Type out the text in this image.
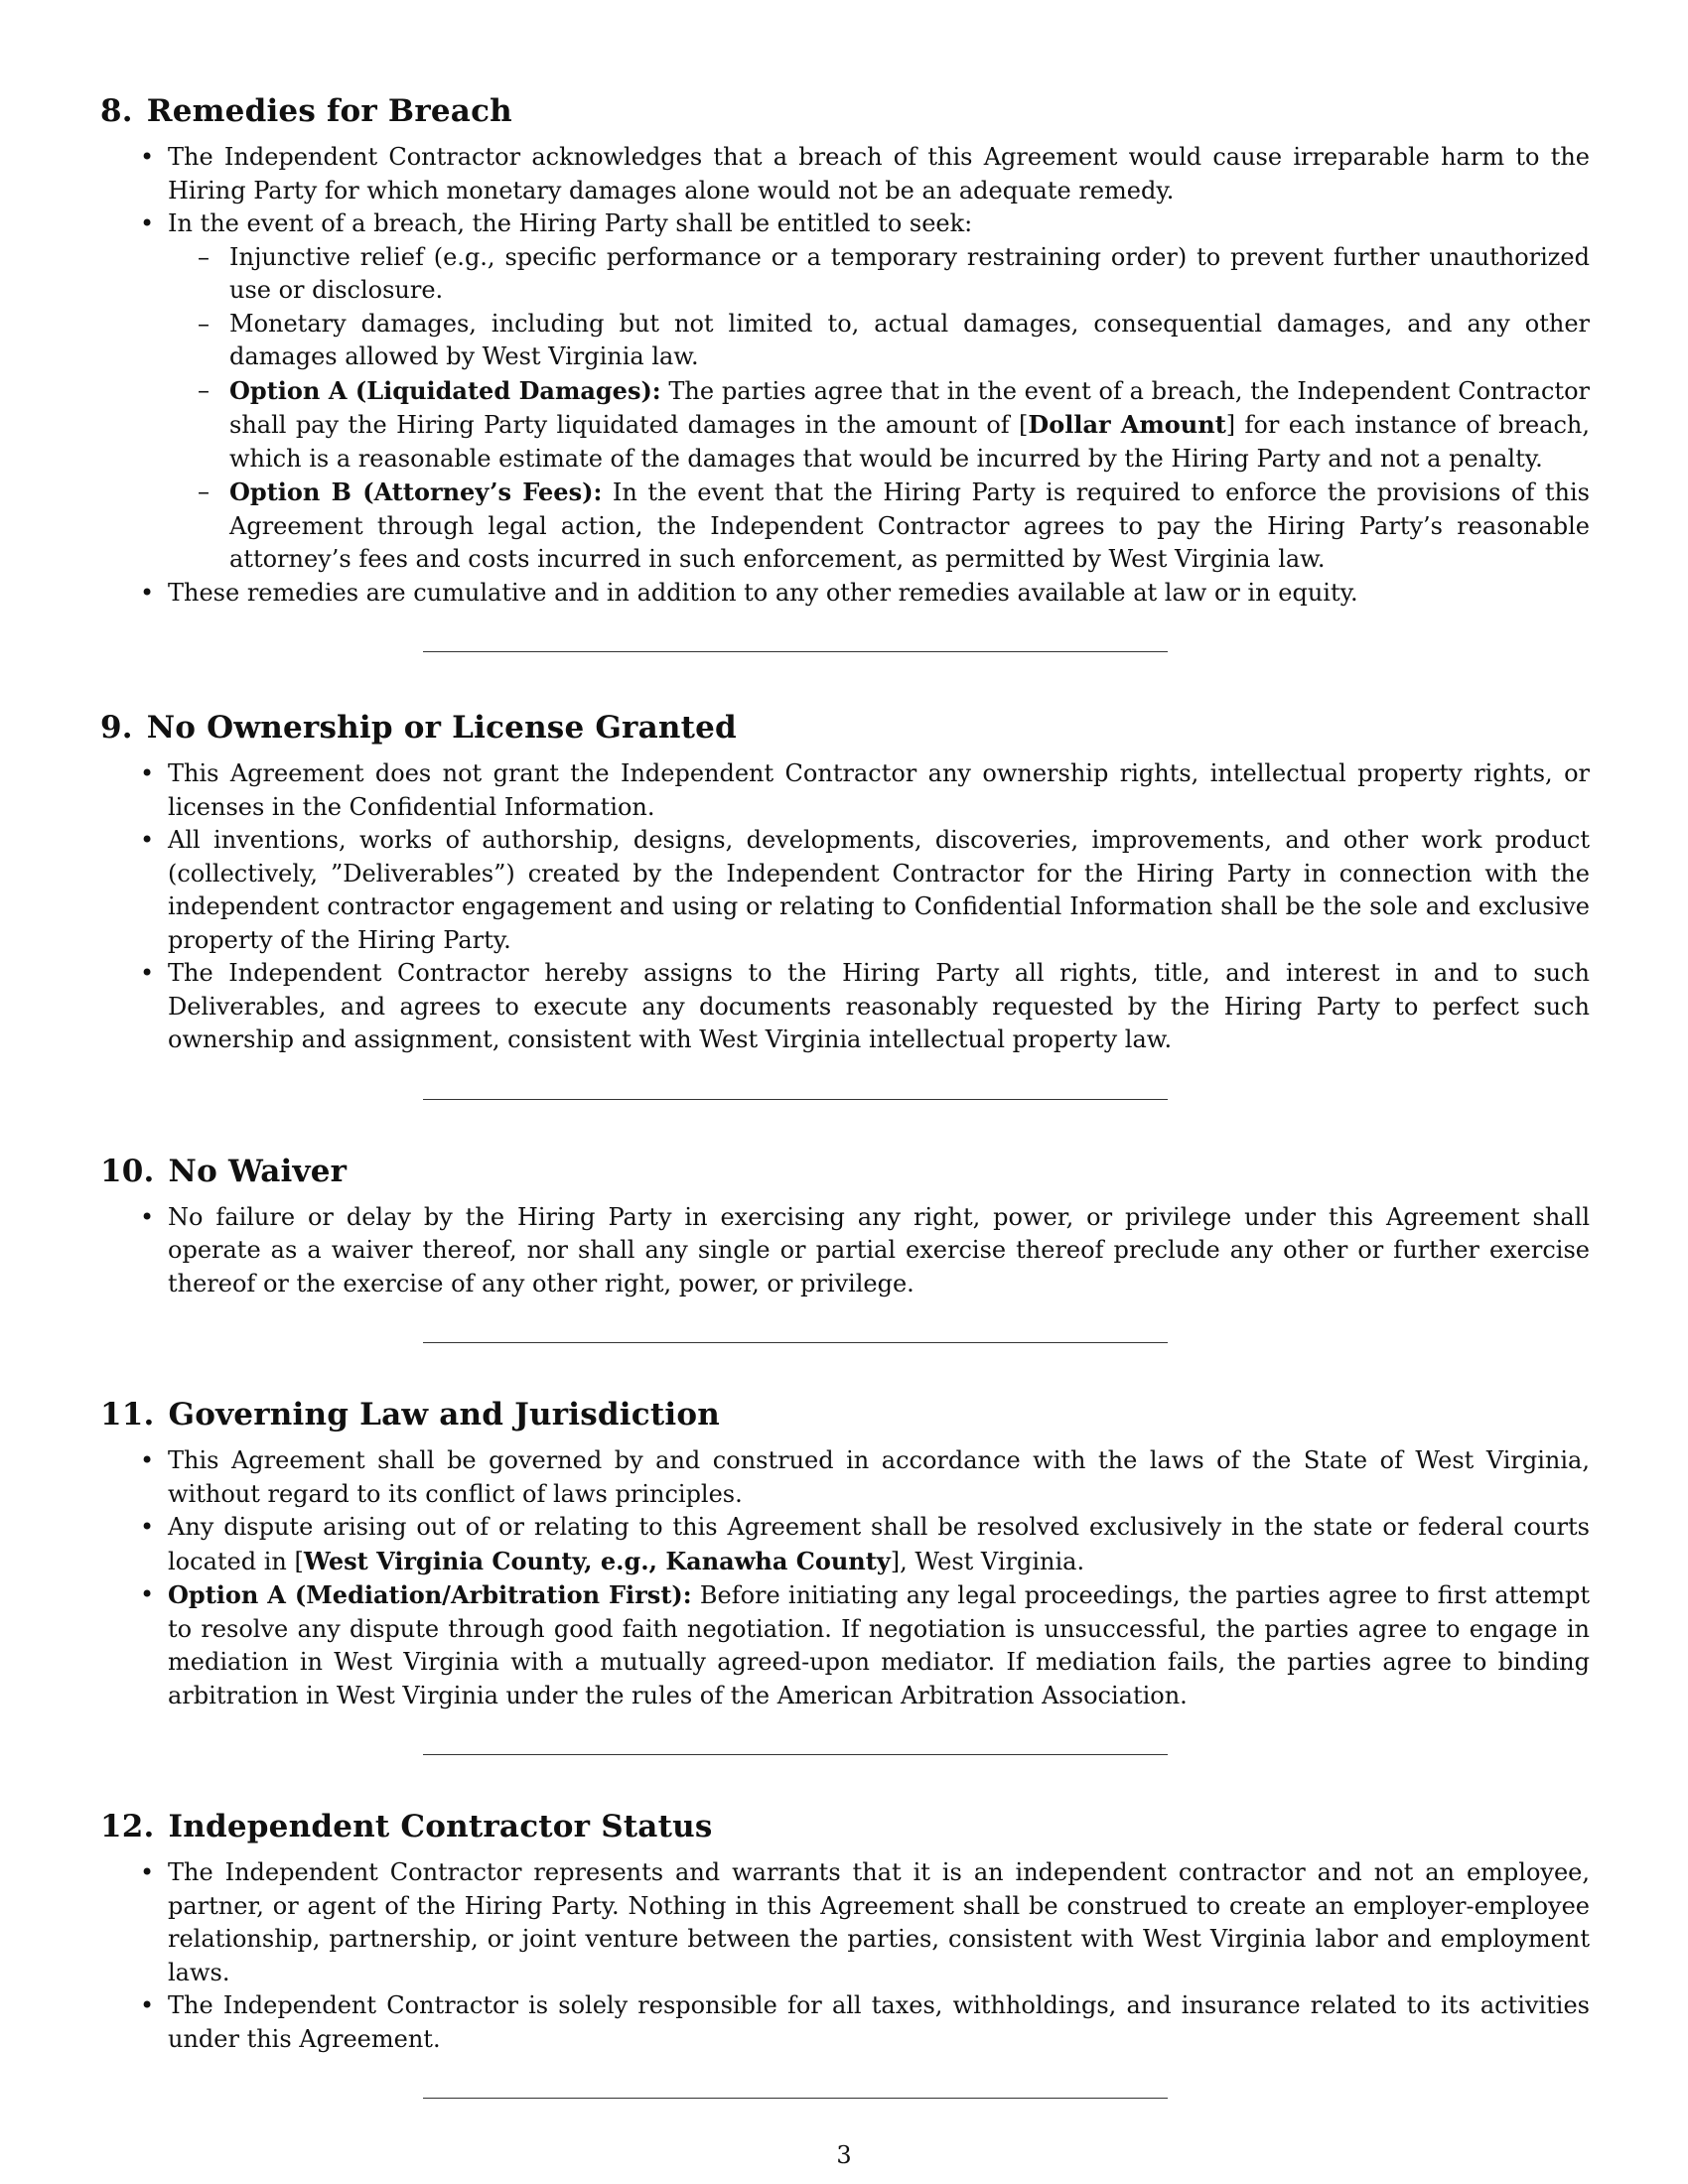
8. Remedies for Breach
• The Independent Contractor acknowledges that a breach of this Agreement would cause irreparable harm to the Hiring Party for which monetary damages alone would not be an adequate remedy.
• In the event of a breach, the Hiring Party shall be entitled to seek:
– Injunctive relief (e.g., specific performance or a temporary restraining order) to prevent further unauthorized use or disclosure.
– Monetary damages, including but not limited to, actual damages, consequential damages, and any other damages allowed by West Virginia law.
– Option A (Liquidated Damages): The parties agree that in the event of a breach, the Independent Contractor shall pay the Hiring Party liquidated damages in the amount of [Dollar Amount] for each instance of breach, which is a reasonable estimate of the damages that would be incurred by the Hiring Party and not a penalty.
– Option B (Attorney’s Fees): In the event that the Hiring Party is required to enforce the provisions of this Agreement through legal action, the Independent Contractor agrees to pay the Hiring Party’s reasonable attorney’s fees and costs incurred in such enforcement, as permitted by West Virginia law.
• These remedies are cumulative and in addition to any other remedies available at law or in equity.
9. No Ownership or License Granted
• This Agreement does not grant the Independent Contractor any ownership rights, intellectual property rights, or licenses in the Confidential Information.
• All inventions, works of authorship, designs, developments, discoveries, improvements, and other work product (collectively, ”Deliverables”) created by the Independent Contractor for the Hiring Party in connection with the independent contractor engagement and using or relating to Confidential Information shall be the sole and exclusive property of the Hiring Party.
• The Independent Contractor hereby assigns to the Hiring Party all rights, title, and interest in and to such Deliverables, and agrees to execute any documents reasonably requested by the Hiring Party to perfect such ownership and assignment, consistent with West Virginia intellectual property law.
10. No Waiver
• No failure or delay by the Hiring Party in exercising any right, power, or privilege under this Agreement shall operate as a waiver thereof, nor shall any single or partial exercise thereof preclude any other or further exercise thereof or the exercise of any other right, power, or privilege.
11. Governing Law and Jurisdiction
• This Agreement shall be governed by and construed in accordance with the laws of the State of West Virginia, without regard to its conflict of laws principles.
• Any dispute arising out of or relating to this Agreement shall be resolved exclusively in the state or federal courts located in [West Virginia County, e.g., Kanawha County], West Virginia.
• Option A (Mediation/Arbitration First): Before initiating any legal proceedings, the parties agree to first attempt to resolve any dispute through good faith negotiation. If negotiation is unsuccessful, the parties agree to engage in mediation in West Virginia with a mutually agreed-upon mediator. If mediation fails, the parties agree to binding arbitration in West Virginia under the rules of the American Arbitration Association.
12. Independent Contractor Status
• The Independent Contractor represents and warrants that it is an independent contractor and not an employee, partner, or agent of the Hiring Party. Nothing in this Agreement shall be construed to create an employer-employee relationship, partnership, or joint venture between the parties, consistent with West Virginia labor and employment laws.
• The Independent Contractor is solely responsible for all taxes, withholdings, and insurance related to its activities under this Agreement.
3
